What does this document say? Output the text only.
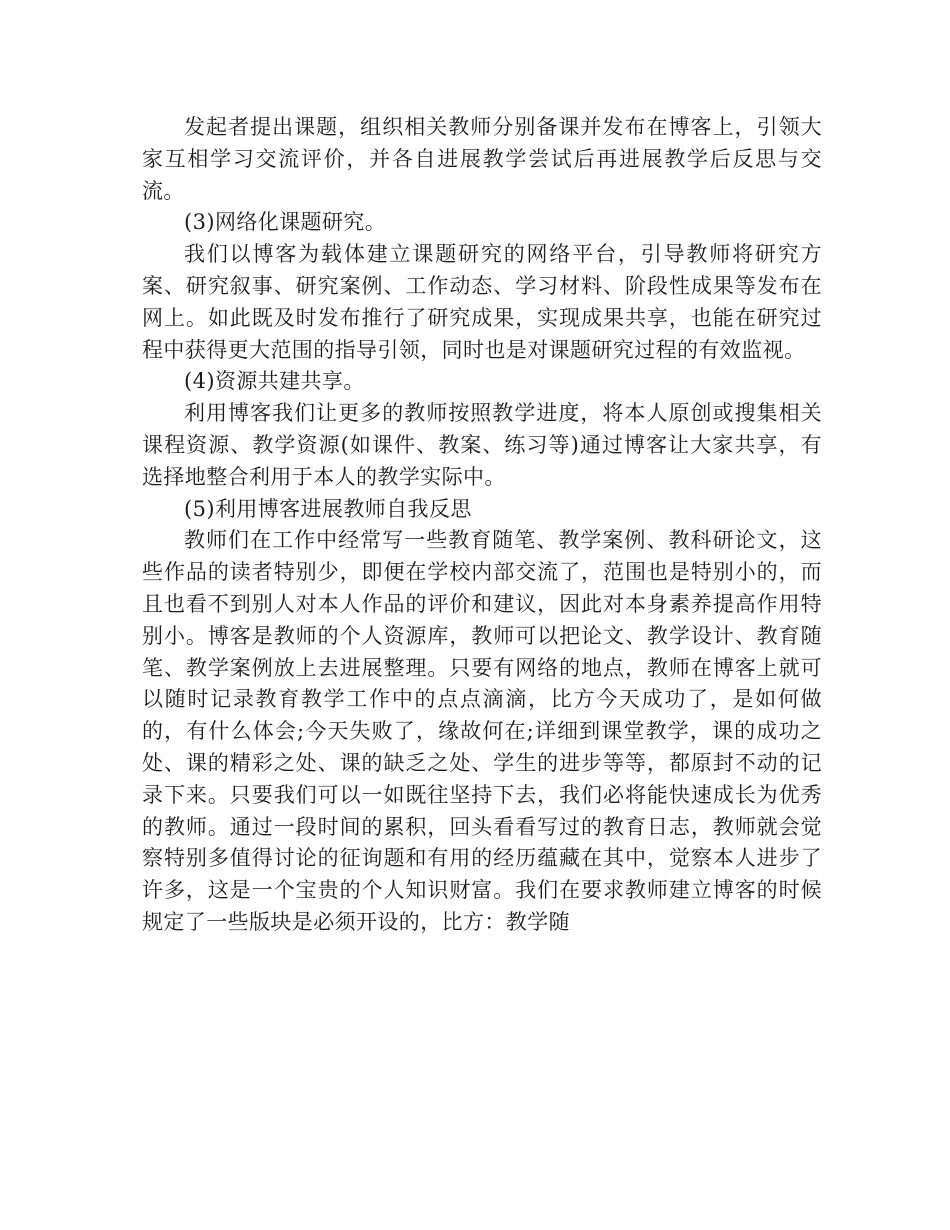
发起者提出课题，组织相关教师分别备课并发布在博客上，引领大家互相学习交流评价，并各自进展教学尝试后再进展教学后反思与交流。

(3)网络化课题研究。

我们以博客为载体建立课题研究的网络平台，引导教师将研究方案、研究叙事、研究案例、工作动态、学习材料、阶段性成果等发布在网上。如此既及时发布推行了研究成果，实现成果共享，也能在研究过程中获得更大范围的指导引领，同时也是对课题研究过程的有效监视。

(4)资源共建共享。

利用博客我们让更多的教师按照教学进度，将本人原创或搜集相关课程资源、教学资源(如课件、教案、练习等)通过博客让大家共享，有选择地整合利用于本人的教学实际中。

(5)利用博客进展教师自我反思

教师们在工作中经常写一些教育随笔、教学案例、教科研论文，这些作品的读者特别少，即便在学校内部交流了，范围也是特别小的，而且也看不到别人对本人作品的评价和建议，因此对本身素养提高作用特别小。博客是教师的个人资源库，教师可以把论文、教学设计、教育随笔、教学案例放上去进展整理。只要有网络的地点，教师在博客上就可以随时记录教育教学工作中的点点滴滴，比方今天成功了，是如何做的，有什么体会;今天失败了，缘故何在;详细到课堂教学，课的成功之处、课的精彩之处、课的缺乏之处、学生的进步等等，都原封不动的记录下来。只要我们可以一如既往坚持下去，我们必将能快速成长为优秀的教师。通过一段时间的累积，回头看看写过的教育日志，教师就会觉察特别多值得讨论的征询题和有用的经历蕴藏在其中，觉察本人进步了许多，这是一个宝贵的个人知识财富。我们在要求教师建立博客的时候规定了一些版块是必须开设的，比方：教学随
